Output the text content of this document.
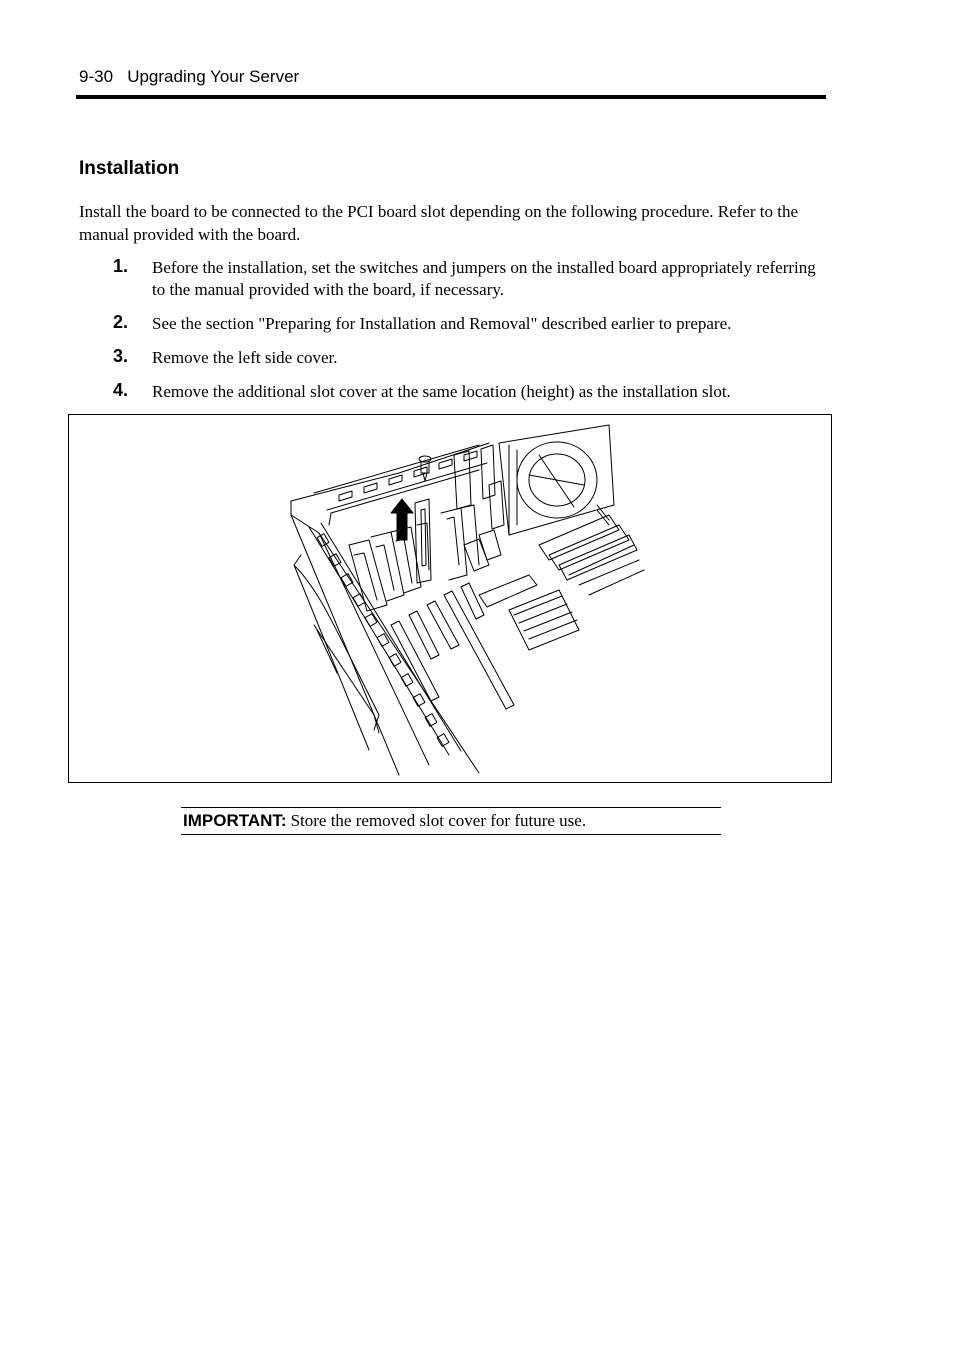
9-30 Upgrading Your Server
Installation
Install the board to be connected to the PCI board slot depending on the following procedure. Refer to the manual provided with the board.
1. Before the installation, set the switches and jumpers on the installed board appropriately referring to the manual provided with the board, if necessary.
2. See the section "Preparing for Installation and Removal" described earlier to prepare.
3. Remove the left side cover.
4. Remove the additional slot cover at the same location (height) as the installation slot.
IMPORTANT: Store the removed slot cover for future use.
